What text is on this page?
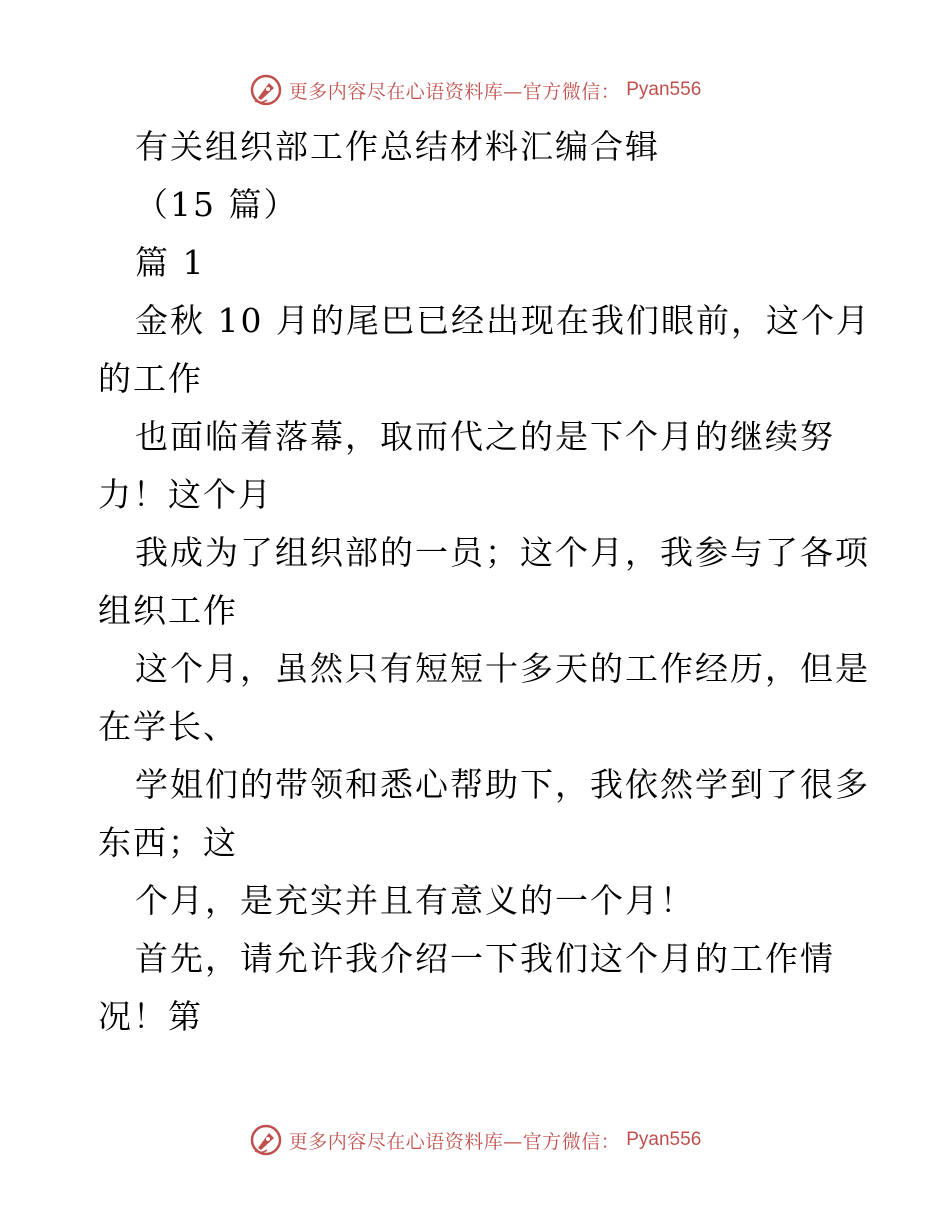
更多内容尽在心语资料库—官方微信： Pyan556
有关组织部工作总结材料汇编合辑
（15 篇）
篇 1
金秋 10 月的尾巴已经出现在我们眼前，这个月
的工作
也面临着落幕，取而代之的是下个月的继续努
力！这个月
我成为了组织部的一员；这个月，我参与了各项
组织工作
这个月，虽然只有短短十多天的工作经历，但是
在学长、
学姐们的带领和悉心帮助下，我依然学到了很多
东西；这
个月，是充实并且有意义的一个月！
首先，请允许我介绍一下我们这个月的工作情
况！第
更多内容尽在心语资料库—官方微信： Pyan556
